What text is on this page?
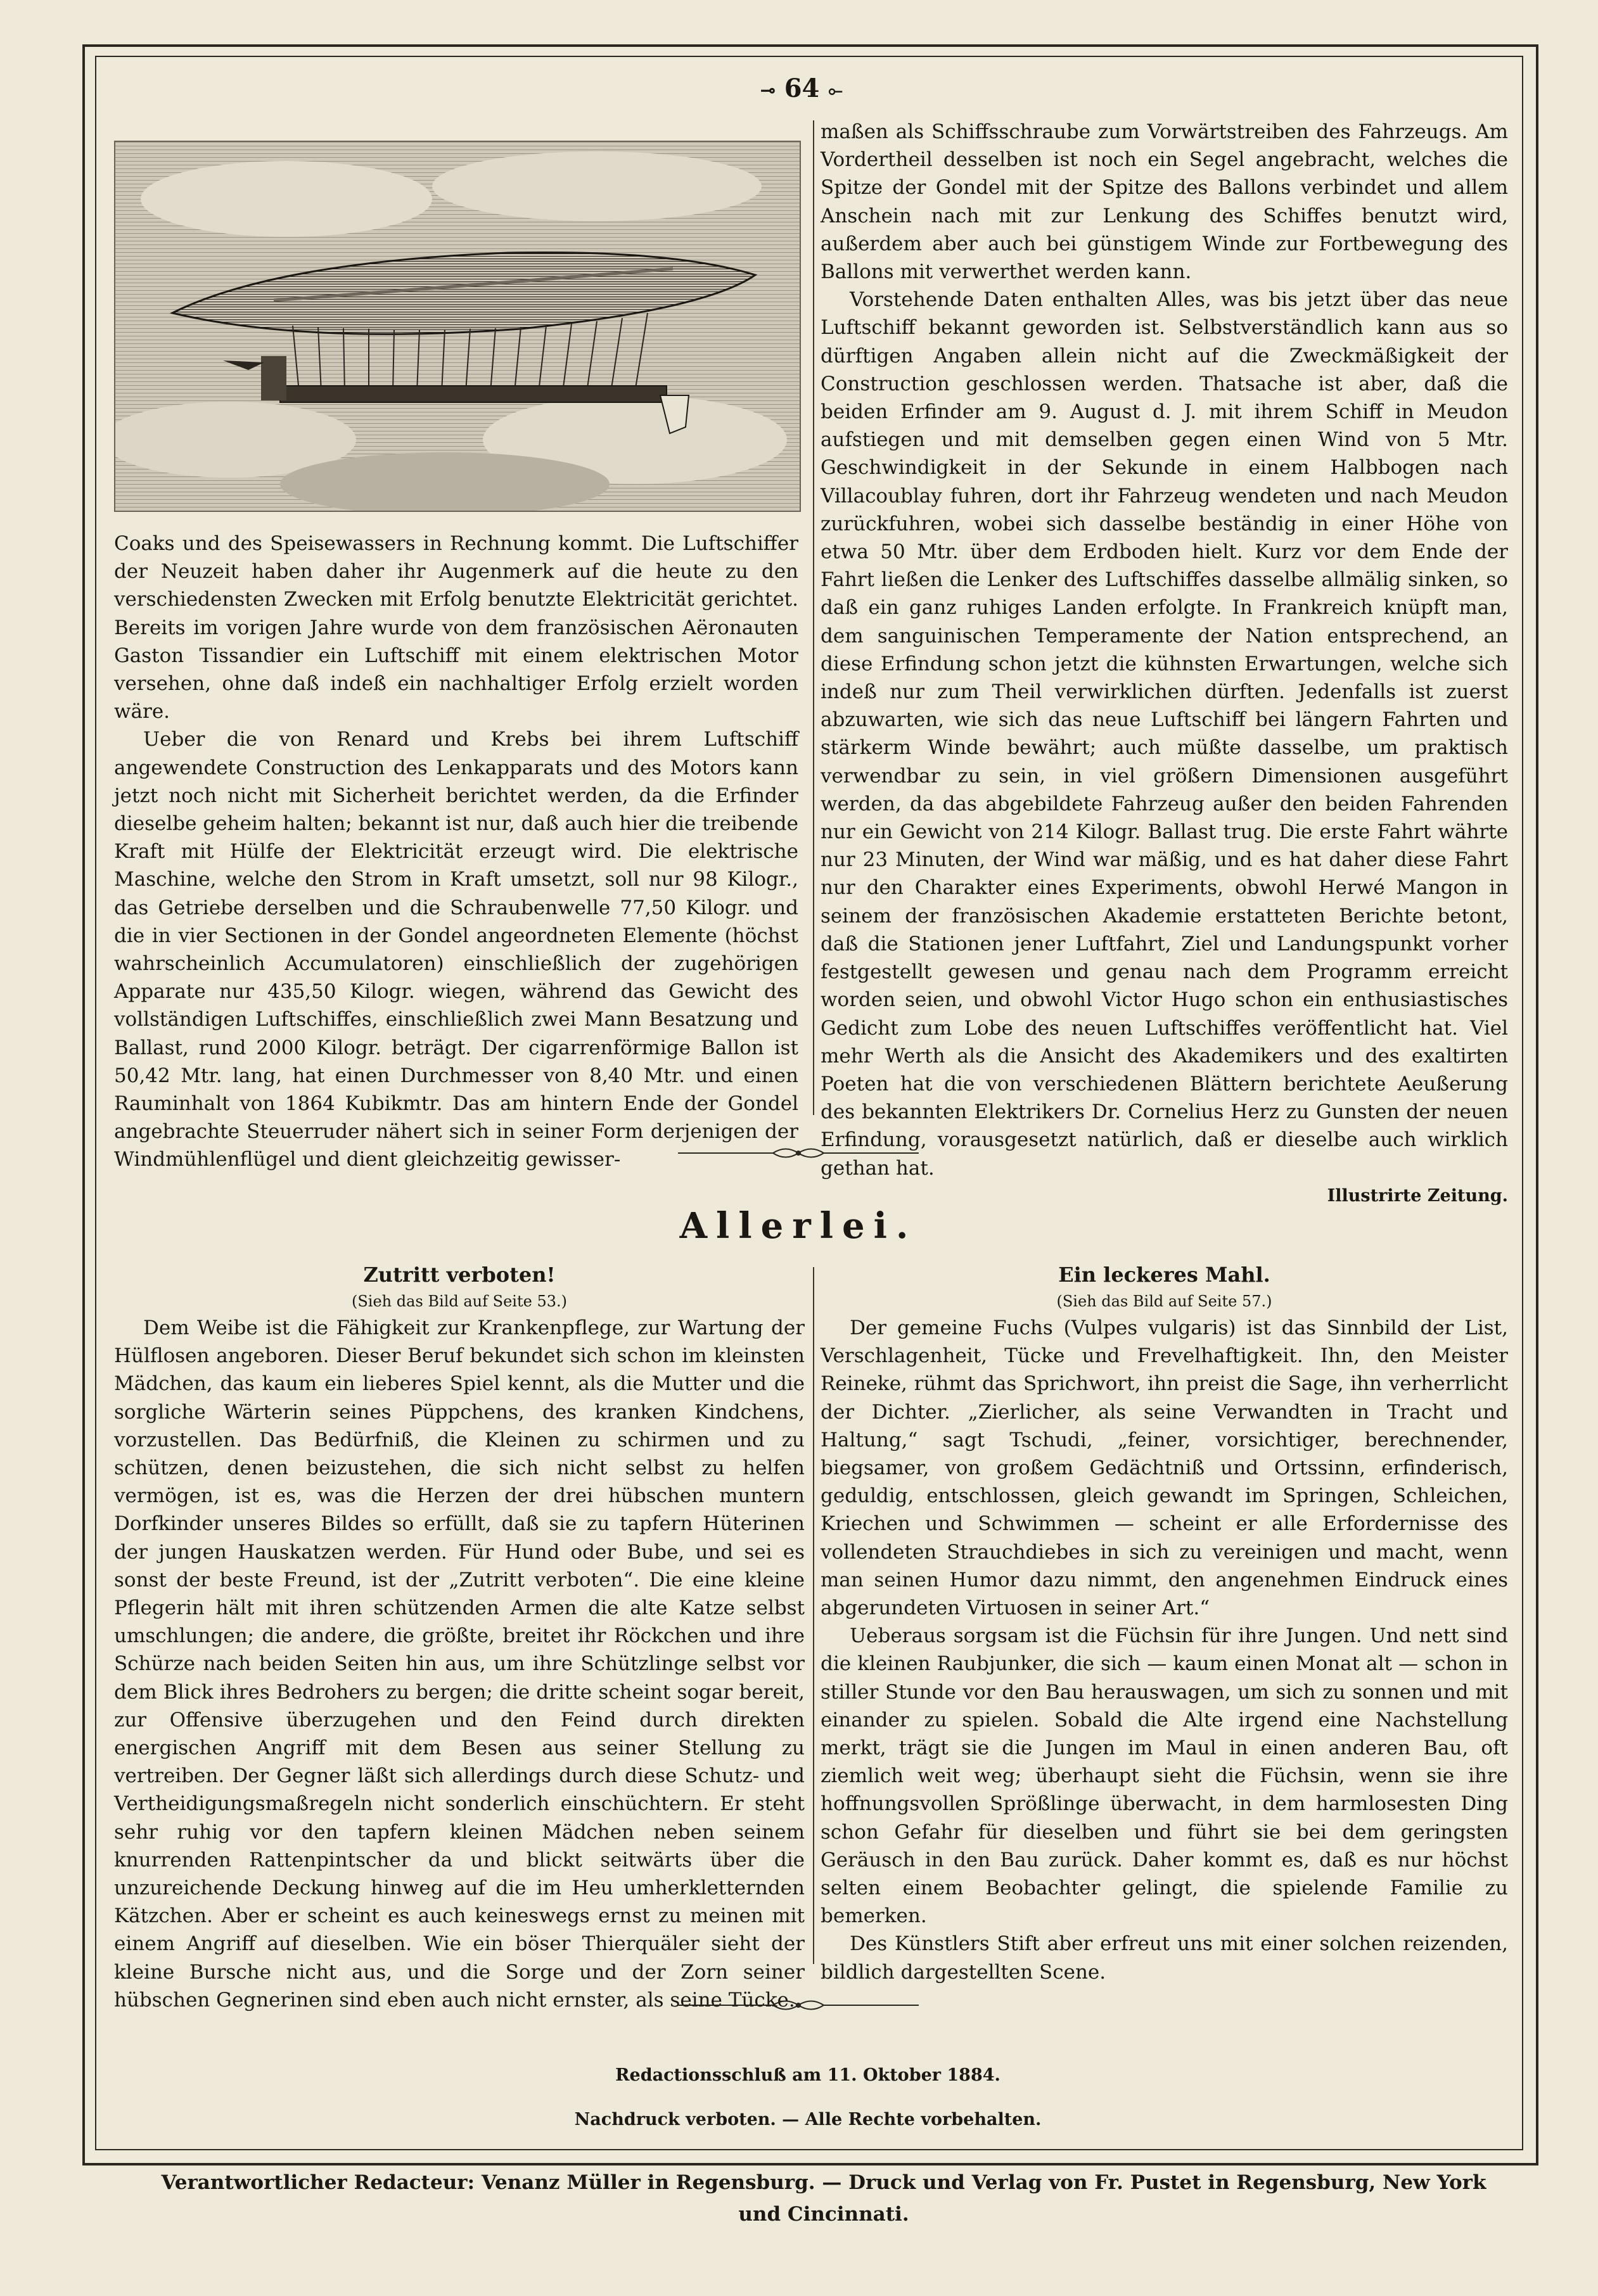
⊸ 64 ⟜

Coaks und des Speisewassers in Rechnung kommt. Die Luftschiffer der Neuzeit haben daher ihr Augenmerk auf die heute zu den verschiedensten Zwecken mit Erfolg benutzte Elektricität gerichtet. Bereits im vorigen Jahre wurde von dem französischen Aëronauten Gaston Tissandier ein Luftschiff mit einem elektrischen Motor versehen, ohne daß indeß ein nachhaltiger Erfolg erzielt worden wäre.

Ueber die von Renard und Krebs bei ihrem Luftschiff angewendete Construction des Lenkapparats und des Motors kann jetzt noch nicht mit Sicherheit berichtet werden, da die Erfinder dieselbe geheim halten; bekannt ist nur, daß auch hier die treibende Kraft mit Hülfe der Elektricität erzeugt wird. Die elektrische Maschine, welche den Strom in Kraft umsetzt, soll nur 98 Kilogr., das Getriebe derselben und die Schraubenwelle 77,50 Kilogr. und die in vier Sectionen in der Gondel angeordneten Elemente (höchst wahrscheinlich Accumulatoren) einschließlich der zugehörigen Apparate nur 435,50 Kilogr. wiegen, während das Gewicht des vollständigen Luftschiffes, einschließlich zwei Mann Besatzung und Ballast, rund 2000 Kilogr. beträgt. Der cigarrenförmige Ballon ist 50,42 Mtr. lang, hat einen Durchmesser von 8,40 Mtr. und einen Rauminhalt von 1864 Kubikmtr. Das am hintern Ende der Gondel angebrachte Steuerruder nähert sich in seiner Form derjenigen der Windmühlenflügel und dient gleichzeitig gewisser-

maßen als Schiffsschraube zum Vorwärtstreiben des Fahrzeugs. Am Vordertheil desselben ist noch ein Segel angebracht, welches die Spitze der Gondel mit der Spitze des Ballons verbindet und allem Anschein nach mit zur Lenkung des Schiffes benutzt wird, außerdem aber auch bei günstigem Winde zur Fortbewegung des Ballons mit verwerthet werden kann.

Vorstehende Daten enthalten Alles, was bis jetzt über das neue Luftschiff bekannt geworden ist. Selbstverständlich kann aus so dürftigen Angaben allein nicht auf die Zweckmäßigkeit der Construction geschlossen werden. Thatsache ist aber, daß die beiden Erfinder am 9. August d. J. mit ihrem Schiff in Meudon aufstiegen und mit demselben gegen einen Wind von 5 Mtr. Geschwindigkeit in der Sekunde in einem Halbbogen nach Villacoublay fuhren, dort ihr Fahrzeug wendeten und nach Meudon zurückfuhren, wobei sich dasselbe beständig in einer Höhe von etwa 50 Mtr. über dem Erdboden hielt. Kurz vor dem Ende der Fahrt ließen die Lenker des Luftschiffes dasselbe allmälig sinken, so daß ein ganz ruhiges Landen erfolgte. In Frankreich knüpft man, dem sanguinischen Temperamente der Nation entsprechend, an diese Erfindung schon jetzt die kühnsten Erwartungen, welche sich indeß nur zum Theil verwirklichen dürften. Jedenfalls ist zuerst abzuwarten, wie sich das neue Luftschiff bei längern Fahrten und stärkerm Winde bewährt; auch müßte dasselbe, um praktisch verwendbar zu sein, in viel größern Dimensionen ausgeführt werden, da das abgebildete Fahrzeug außer den beiden Fahrenden nur ein Gewicht von 214 Kilogr. Ballast trug. Die erste Fahrt währte nur 23 Minuten, der Wind war mäßig, und es hat daher diese Fahrt nur den Charakter eines Experiments, obwohl Herwé Mangon in seinem der französischen Akademie erstatteten Berichte betont, daß die Stationen jener Luftfahrt, Ziel und Landungspunkt vorher festgestellt gewesen und genau nach dem Programm erreicht worden seien, und obwohl Victor Hugo schon ein enthusiastisches Gedicht zum Lobe des neuen Luftschiffes veröffentlicht hat. Viel mehr Werth als die Ansicht des Akademikers und des exaltirten Poeten hat die von verschiedenen Blättern berichtete Aeußerung des bekannten Elektrikers Dr. Cornelius Herz zu Gunsten der neuen Erfindung, vorausgesetzt natürlich, daß er dieselbe auch wirklich gethan hat.

Illustrirte Zeitung.

Allerlei.

Zutritt verboten!

(Sieh das Bild auf Seite 53.)

Dem Weibe ist die Fähigkeit zur Krankenpflege, zur Wartung der Hülflosen angeboren. Dieser Beruf bekundet sich schon im kleinsten Mädchen, das kaum ein lieberes Spiel kennt, als die Mutter und die sorgliche Wärterin seines Püppchens, des kranken Kindchens, vorzustellen. Das Bedürfniß, die Kleinen zu schirmen und zu schützen, denen beizustehen, die sich nicht selbst zu helfen vermögen, ist es, was die Herzen der drei hübschen muntern Dorfkinder unseres Bildes so erfüllt, daß sie zu tapfern Hüterinen der jungen Hauskatzen werden. Für Hund oder Bube, und sei es sonst der beste Freund, ist der „Zutritt verboten“. Die eine kleine Pflegerin hält mit ihren schützenden Armen die alte Katze selbst umschlungen; die andere, die größte, breitet ihr Röckchen und ihre Schürze nach beiden Seiten hin aus, um ihre Schützlinge selbst vor dem Blick ihres Bedrohers zu bergen; die dritte scheint sogar bereit, zur Offensive überzugehen und den Feind durch direkten energischen Angriff mit dem Besen aus seiner Stellung zu vertreiben. Der Gegner läßt sich allerdings durch diese Schutz- und Vertheidigungsmaßregeln nicht sonderlich einschüchtern. Er steht sehr ruhig vor den tapfern kleinen Mädchen neben seinem knurrenden Rattenpintscher da und blickt seitwärts über die unzureichende Deckung hinweg auf die im Heu umherkletternden Kätzchen. Aber er scheint es auch keineswegs ernst zu meinen mit einem Angriff auf dieselben. Wie ein böser Thierquäler sieht der kleine Bursche nicht aus, und die Sorge und der Zorn seiner hübschen Gegnerinen sind eben auch nicht ernster, als seine Tücke.

Ein leckeres Mahl.

(Sieh das Bild auf Seite 57.)

Der gemeine Fuchs (Vulpes vulgaris) ist das Sinnbild der List, Verschlagenheit, Tücke und Frevelhaftigkeit. Ihn, den Meister Reineke, rühmt das Sprichwort, ihn preist die Sage, ihn verherrlicht der Dichter. „Zierlicher, als seine Verwandten in Tracht und Haltung,“ sagt Tschudi, „feiner, vorsichtiger, berechnender, biegsamer, von großem Gedächtniß und Ortssinn, erfinderisch, geduldig, entschlossen, gleich gewandt im Springen, Schleichen, Kriechen und Schwimmen — scheint er alle Erfordernisse des vollendeten Strauchdiebes in sich zu vereinigen und macht, wenn man seinen Humor dazu nimmt, den angenehmen Eindruck eines abgerundeten Virtuosen in seiner Art.“

Ueberaus sorgsam ist die Füchsin für ihre Jungen. Und nett sind die kleinen Raubjunker, die sich — kaum einen Monat alt — schon in stiller Stunde vor den Bau herauswagen, um sich zu sonnen und mit einander zu spielen. Sobald die Alte irgend eine Nachstellung merkt, trägt sie die Jungen im Maul in einen anderen Bau, oft ziemlich weit weg; überhaupt sieht die Füchsin, wenn sie ihre hoffnungsvollen Sprößlinge überwacht, in dem harmlosesten Ding schon Gefahr für dieselben und führt sie bei dem geringsten Geräusch in den Bau zurück. Daher kommt es, daß es nur höchst selten einem Beobachter gelingt, die spielende Familie zu bemerken.

Des Künstlers Stift aber erfreut uns mit einer solchen reizenden, bildlich dargestellten Scene.

Redactionsschluß am 11. Oktober 1884.
Nachdruck verboten. — Alle Rechte vorbehalten.
Verantwortlicher Redacteur: Venanz Müller in Regensburg. — Druck und Verlag von Fr. Pustet in Regensburg, New York und Cincinnati.
